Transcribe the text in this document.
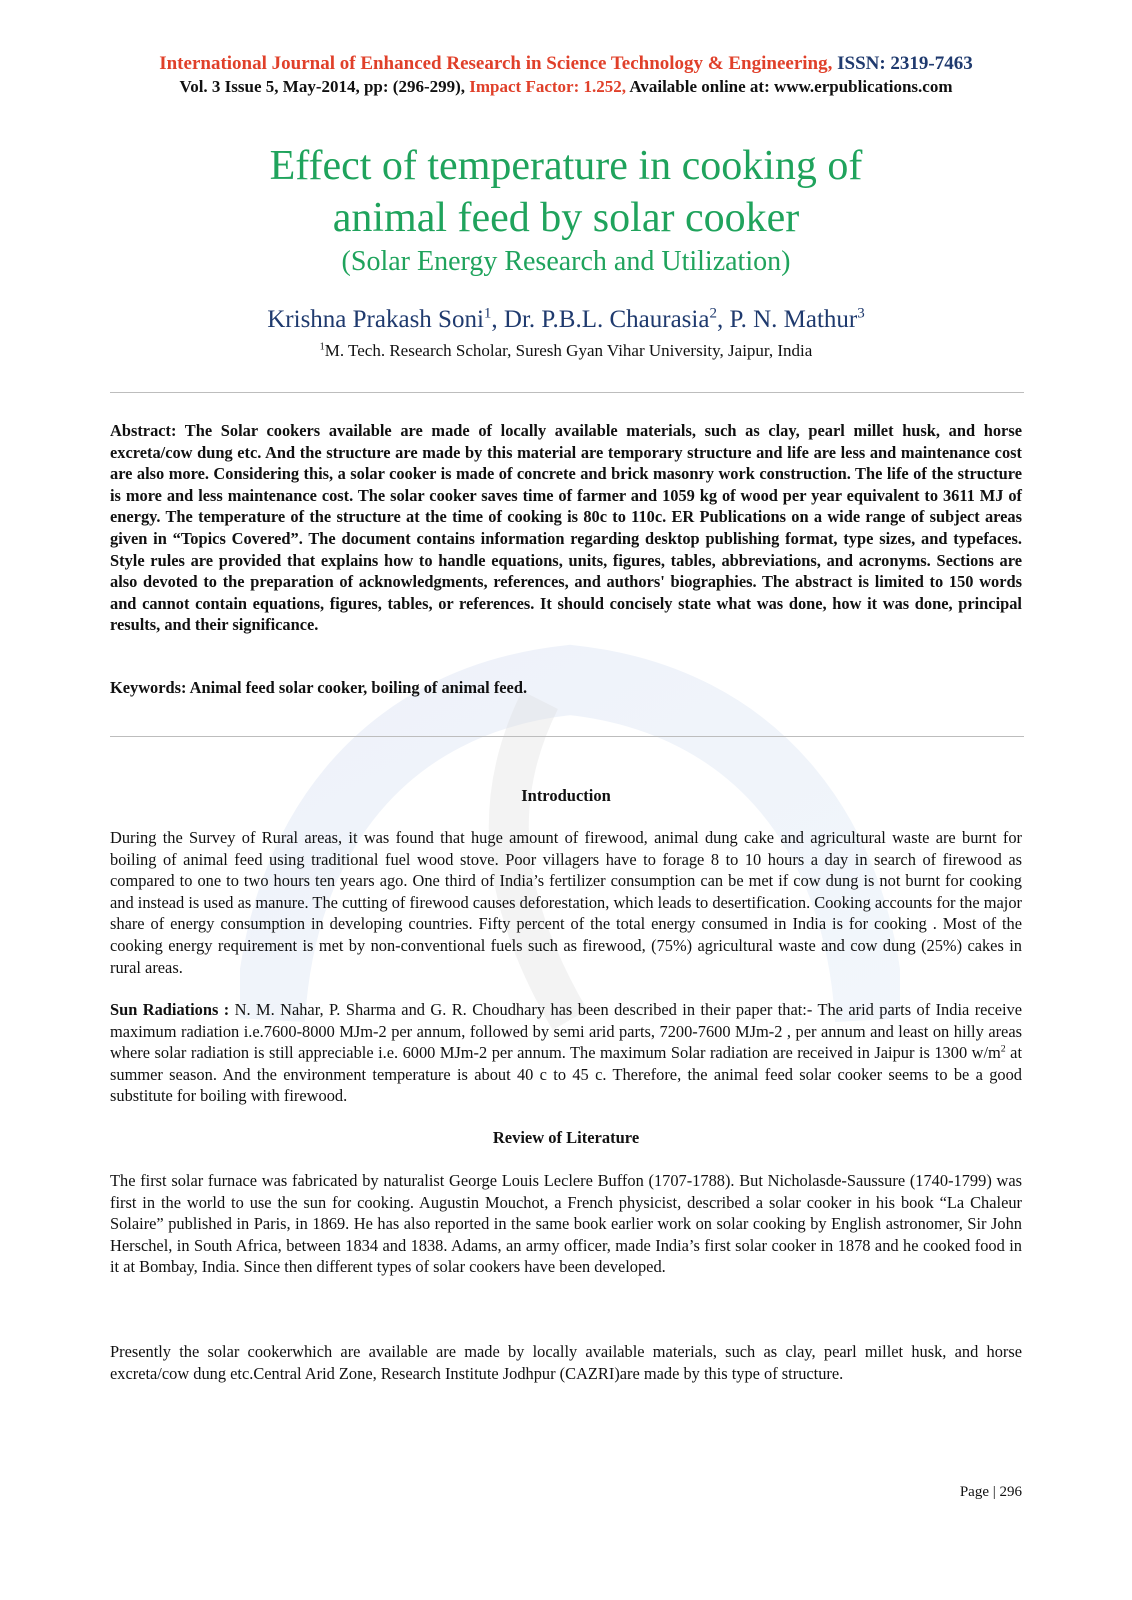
International Journal of Enhanced Research in Science Technology & Engineering, ISSN: 2319-7463
Vol. 3 Issue 5, May-2014, pp: (296-299), Impact Factor: 1.252, Available online at: www.erpublications.com
Effect of temperature in cooking of
animal feed by solar cooker
(Solar Energy Research and Utilization)
Krishna Prakash Soni$^1$, Dr. P.B.L. Chaurasia$^2$, P. N. Mathur$^3$
$^1$M. Tech. Research Scholar, Suresh Gyan Vihar University, Jaipur, India
Abstract: The Solar cookers available are made of locally available materials, such as clay, pearl millet husk, and horse excreta/cow dung etc. And the structure are made by this material are temporary structure and life are less and maintenance cost are also more. Considering this, a solar cooker is made of concrete and brick masonry work construction. The life of the structure is more and less maintenance cost. The solar cooker saves time of farmer and 1059 kg of wood per year equivalent to 3611 MJ of energy. The temperature of the structure at the time of cooking is 80c to 110c. ER Publications on a wide range of subject areas given in “Topics Covered”. The document contains information regarding desktop publishing format, type sizes, and typefaces. Style rules are provided that explains how to handle equations, units, figures, tables, abbreviations, and acronyms. Sections are also devoted to the preparation of acknowledgments, references, and authors' biographies. The abstract is limited to 150 words and cannot contain equations, figures, tables, or references. It should concisely state what was done, how it was done, principal results, and their significance.
Keywords: Animal feed solar cooker, boiling of animal feed.
Introduction
During the Survey of Rural areas, it was found that huge amount of firewood, animal dung cake and agricultural waste are burnt for boiling of animal feed using traditional fuel wood stove. Poor villagers have to forage 8 to 10 hours a day in search of firewood as compared to one to two hours ten years ago. One third of India’s fertilizer consumption can be met if cow dung is not burnt for cooking and instead is used as manure. The cutting of firewood causes deforestation, which leads to desertification. Cooking accounts for the major share of energy consumption in developing countries. Fifty percent of the total energy consumed in India is for cooking . Most of the cooking energy requirement is met by non-conventional fuels such as firewood, (75%) agricultural waste and cow dung (25%) cakes in rural areas.
Sun Radiations : N. M. Nahar, P. Sharma and G. R. Choudhary has been described in their paper that:- The arid parts of India receive maximum radiation i.e.7600-8000 MJm-2 per annum, followed by semi arid parts, 7200-7600 MJm-2 , per annum and least on hilly areas where solar radiation is still appreciable i.e. 6000 MJm-2 per annum. The maximum Solar radiation are received in Jaipur is 1300 $w/m^2$ at summer season. And the environment temperature is about 40 c to 45 c. Therefore, the animal feed solar cooker seems to be a good substitute for boiling with firewood.
Review of Literature
The first solar furnace was fabricated by naturalist George Louis Leclere Buffon (1707-1788). But Nicholasde-Saussure (1740-1799) was first in the world to use the sun for cooking. Augustin Mouchot, a French physicist, described a solar cooker in his book “La Chaleur Solaire” published in Paris, in 1869. He has also reported in the same book earlier work on solar cooking by English astronomer, Sir John Herschel, in South Africa, between 1834 and 1838. Adams, an army officer, made India’s first solar cooker in 1878 and he cooked food in it at Bombay, India. Since then different types of solar cookers have been developed.
Presently the solar cookerwhich are available are made by locally available materials, such as clay, pearl millet husk, and horse excreta/cow dung etc.Central Arid Zone, Research Institute Jodhpur (CAZRI)are made by this type of structure.
Page | 296
